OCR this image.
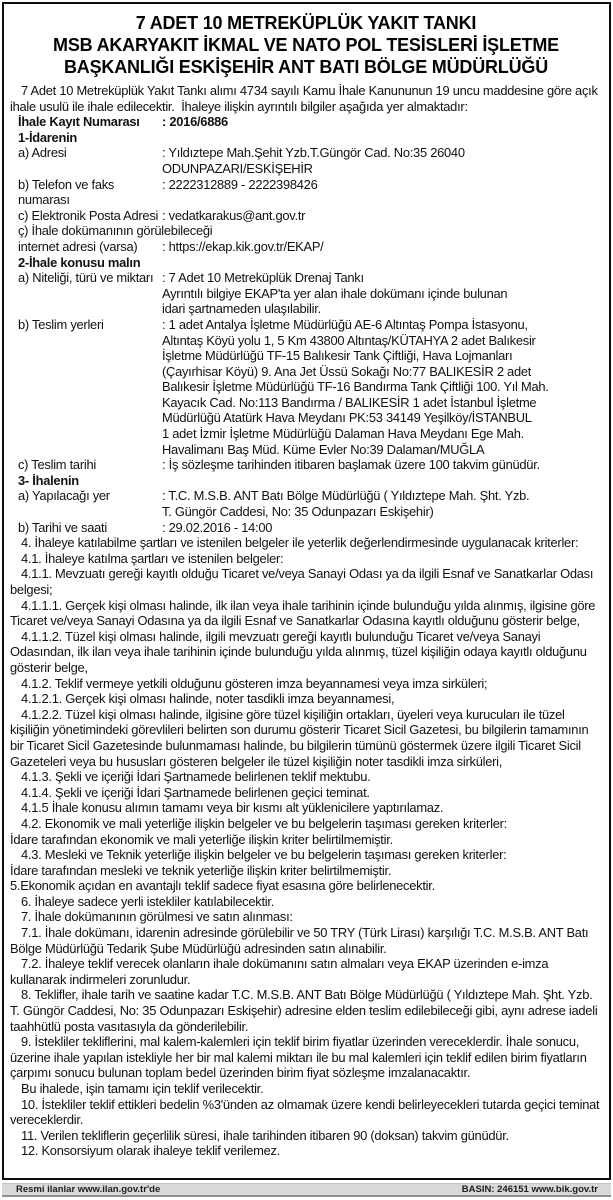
7 ADET 10 METREKÜPLÜK YAKIT TANKI
MSB AKARYAKIT İKMAL VE NATO POL TESİSLERİ İŞLETME
BAŞKANLIĞI ESKİŞEHİR ANT BATI BÖLGE MÜDÜRLÜĞÜ
7 Adet 10 Metreküplük Yakıt Tankı alımı 4734 sayılı Kamu İhale Kanununun 19 uncu maddesine göre açık ihale usulü ile ihale edilecektir.  İhaleye ilişkin ayrıntılı bilgiler aşağıda yer almaktadır:
İhale Kayıt Numarası	: 2016/6886
1-İdarenin
a) Adresi	: Yıldıztepe Mah.Şehit Yzb.T.Güngör Cad. No:35 26040
ODUNPAZARI/ESKİŞEHİR
b) Telefon ve faks numarası
: 2222312889 - 2222398426
c) Elektronik Posta Adresi : vedatkarakus@ant.gov.tr
ç) İhale dokümanının görülebileceği
internet adresi (varsa)	: https://ekap.kik.gov.tr/EKAP/
2-İhale konusu malın
a) Niteliği, türü ve miktarı : 7 Adet 10 Metreküplük Drenaj Tankı
Ayrıntılı bilgiye EKAP'ta yer alan ihale dokümanı içinde bulunan
idari şartnameden ulaşılabilir.
b) Teslim yerleri	: 1 adet Antalya İşletme Müdürlüğü AE-6 Altıntaş Pompa İstasyonu,
Altıntaş Köyü yolu 1, 5 Km 43800 Altıntaş/KÜTAHYA 2 adet Balıkesir
İşletme Müdürlüğü TF-15 Balıkesir Tank Çiftliği, Hava Lojmanları
(Çayırhisar Köyü) 9. Ana Jet Üssü Sokağı No:77 BALIKESİR 2 adet
Balıkesir İşletme Müdürlüğü TF-16 Bandırma Tank Çiftliği 100. Yıl Mah.
Kayacık Cad. No:113 Bandırma / BALIKESİR 1 adet İstanbul İşletme
Müdürlüğü Atatürk Hava Meydanı PK:53 34149 Yeşilköy/İSTANBUL
1 adet İzmir İşletme Müdürlüğü Dalaman Hava Meydanı Ege Mah.
Havalimanı Baş Müd. Küme Evler No:39 Dalaman/MUĞLA
c) Teslim tarihi	: İş sözleşme tarihinden itibaren başlamak üzere 100 takvim günüdür.
3- İhalenin
a) Yapılacağı yer	: T.C. M.S.B. ANT Batı Bölge Müdürlüğü ( Yıldıztepe Mah. Şht. Yzb.
T. Güngör Caddesi, No: 35 Odunpazarı Eskişehir)
b) Tarihi ve saati	: 29.02.2016 - 14:00
4. İhaleye katılabilme şartları ve istenilen belgeler ile yeterlik değerlendirmesinde uygulanacak kriterler:
4.1. İhaleye katılma şartları ve istenilen belgeler:
4.1.1. Mevzuatı gereği kayıtlı olduğu Ticaret ve/veya Sanayi Odası ya da ilgili Esnaf ve Sanatkarlar Odası belgesi;
4.1.1.1. Gerçek kişi olması halinde, ilk ilan veya ihale tarihinin içinde bulunduğu yılda alınmış, ilgisine göre Ticaret ve/veya Sanayi Odasına ya da ilgili Esnaf ve Sanatkarlar Odasına kayıtlı olduğunu gösterir belge,
4.1.1.2. Tüzel kişi olması halinde, ilgili mevzuatı gereği kayıtlı bulunduğu Ticaret ve/veya Sanayi Odasından, ilk ilan veya ihale tarihinin içinde bulunduğu yılda alınmış, tüzel kişiliğin odaya kayıtlı olduğunu gösterir belge,
4.1.2. Teklif vermeye yetkili olduğunu gösteren imza beyannamesi veya imza sirküleri;
4.1.2.1. Gerçek kişi olması halinde, noter tasdikli imza beyannamesi,
4.1.2.2. Tüzel kişi olması halinde, ilgisine göre tüzel kişiliğin ortakları, üyeleri veya kurucuları ile tüzel kişiliğin yönetimindeki görevlileri belirten son durumu gösterir Ticaret Sicil Gazetesi, bu bilgilerin tamamının bir Ticaret Sicil Gazetesinde bulunmaması halinde, bu bilgilerin tümünü göstermek üzere ilgili Ticaret Sicil Gazeteleri veya bu hususları gösteren belgeler ile tüzel kişiliğin noter tasdikli imza sirküleri,
4.1.3. Şekli ve içeriği İdari Şartnamede belirlenen teklif mektubu.
4.1.4. Şekli ve içeriği İdari Şartnamede belirlenen geçici teminat.
4.1.5 İhale konusu alımın tamamı veya bir kısmı alt yüklenicilere yaptırılamaz.
4.2. Ekonomik ve mali yeterliğe ilişkin belgeler ve bu belgelerin taşıması gereken kriterler:
İdare tarafından ekonomik ve mali yeterliğe ilişkin kriter belirtilmemiştir.
4.3. Mesleki ve Teknik yeterliğe ilişkin belgeler ve bu belgelerin taşıması gereken kriterler:
İdare tarafından mesleki ve teknik yeterliğe ilişkin kriter belirtilmemiştir.
5.Ekonomik açıdan en avantajlı teklif sadece fiyat esasına göre belirlenecektir.
6. İhaleye sadece yerli istekliler katılabilecektir.
7. İhale dokümanının görülmesi ve satın alınması:
7.1. İhale dokümanı, idarenin adresinde görülebilir ve 50 TRY (Türk Lirası) karşılığı T.C. M.S.B. ANT Batı Bölge Müdürlüğü Tedarik Şube Müdürlüğü adresinden satın alınabilir.
7.2. İhaleye teklif verecek olanların ihale dokümanını satın almaları veya EKAP üzerinden e-imza kullanarak indirmeleri zorunludur.
8. Teklifler, ihale tarih ve saatine kadar T.C. M.S.B. ANT Batı Bölge Müdürlüğü ( Yıldıztepe Mah. Şht. Yzb. T. Güngör Caddesi, No: 35 Odunpazarı Eskişehir) adresine elden teslim edilebileceği gibi, aynı adrese iadeli taahhütlü posta vasıtasıyla da gönderilebilir.
9. İstekliler tekliflerini, mal kalem-kalemleri için teklif birim fiyatlar üzerinden vereceklerdir. İhale sonucu, üzerine ihale yapılan istekliyle her bir mal kalemi miktarı ile bu mal kalemleri için teklif edilen birim fiyatların çarpımı sonucu bulunan toplam bedel üzerinden birim fiyat sözleşme imzalanacaktır.
Bu ihalede, işin tamamı için teklif verilecektir.
10. İstekliler teklif ettikleri bedelin %3'ünden az olmamak üzere kendi belirleyecekleri tutarda geçici teminat vereceklerdir.
11. Verilen tekliflerin geçerlilik süresi, ihale tarihinden itibaren 90 (doksan) takvim günüdür.
12. Konsorsiyum olarak ihaleye teklif verilemez.
Resmi ilanlar www.ilan.gov.tr'de	BASIN: 246151 www.bik.gov.tr
